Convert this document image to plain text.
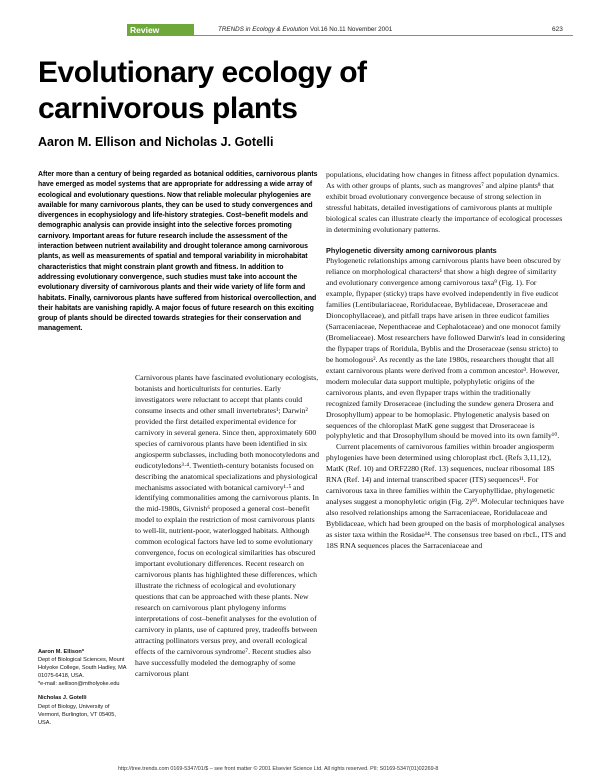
Review	TRENDS in Ecology & Evolution Vol.16 No.11 November 2001	623
Evolutionary ecology of carnivorous plants
Aaron M. Ellison and Nicholas J. Gotelli
After more than a century of being regarded as botanical oddities, carnivorous plants have emerged as model systems that are appropriate for addressing a wide array of ecological and evolutionary questions. Now that reliable molecular phylogenies are available for many carnivorous plants, they can be used to study convergences and divergences in ecophysiology and life-history strategies. Cost–benefit models and demographic analysis can provide insight into the selective forces promoting carnivory. Important areas for future research include the assessment of the interaction between nutrient availability and drought tolerance among carnivorous plants, as well as measurements of spatial and temporal variability in microhabitat characteristics that might constrain plant growth and fitness. In addition to addressing evolutionary convergence, such studies must take into account the evolutionary diversity of carnivorous plants and their wide variety of life form and habitats. Finally, carnivorous plants have suffered from historical overcollection, and their habitats are vanishing rapidly. A major focus of future research on this exciting group of plants should be directed towards strategies for their conservation and management.
Carnivorous plants have fascinated evolutionary ecologists, botanists and horticulturists for centuries. Early investigators were reluctant to accept that plants could consume insects and other small invertebrates¹; Darwin² provided the first detailed experimental evidence for carnivory in several genera. Since then, approximately 600 species of carnivorous plants have been identified in six angiosperm subclasses, including both monocotyledons and eudicotyledons³·⁴. Twentieth-century botanists focused on describing the anatomical specializations and physiological mechanisms associated with botanical carnivory¹·⁵ and identifying commonalities among the carnivorous plants. In the mid-1980s, Givnish⁶ proposed a general cost–benefit model to explain the restriction of most carnivorous plants to well-lit, nutrient-poor, waterlogged habitats. Although common ecological factors have led to some evolutionary convergence, focus on ecological similarities has obscured important evolutionary differences. Recent research on carnivorous plants has highlighted these differences, which illustrate the richness of ecological and evolutionary questions that can be approached with these plants. New research on carnivorous plant phylogeny informs interpretations of cost–benefit analyses for the evolution of carnivory in plants, use of captured prey, tradeoffs between attracting pollinators versus prey, and overall ecological effects of the carnivorous syndrome⁷. Recent studies also have successfully modeled the demography of some carnivorous plant
populations, elucidating how changes in fitness affect population dynamics. As with other groups of plants, such as mangroves⁷ and alpine plants⁸ that exhibit broad evolutionary convergence because of strong selection in stressful habitats, detailed investigations of carnivorous plants at multiple biological scales can illustrate clearly the importance of ecological processes in determining evolutionary patterns.
Phylogenetic diversity among carnivorous plants
Phylogenetic relationships among carnivorous plants have been obscured by reliance on morphological characters¹ that show a high degree of similarity and evolutionary convergence among carnivorous taxa⁹ (Fig. 1). For example, flypaper (sticky) traps have evolved independently in five eudicot families (Lentibulariaceae, Roridulaceae, Byblidaceae, Droseraceae and Dioncophyllaceae), and pitfall traps have arisen in three eudicot families (Sarraceniaceae, Nepenthaceae and Cephalotaceae) and one monocot family (Bromeliaceae). Most researchers have followed Darwin's lead in considering the flypaper traps of Roridula, Byblis and the Droseraceae (sensu stricto) to be homologous². As recently as the late 1980s, researchers thought that all extant carnivorous plants were derived from a common ancestor³. However, modern molecular data support multiple, polyphyletic origins of the carnivorous plants, and even flypaper traps within the traditionally recognized family Droseraceae (including the sundew genera Drosera and Drosophyllum) appear to be homoplasic. Phylogenetic analysis based on sequences of the chloroplast MatK gene suggest that Droseraceae is polyphyletic and that Drosophyllum should be moved into its own family¹⁰.
Current placements of carnivorous families within broader angiosperm phylogenies have been determined using chloroplast rbcL (Refs 3,11,12), MatK (Ref. 10) and ORF2280 (Ref. 13) sequences, nuclear ribosomal 18S RNA (Ref. 14) and internal transcribed spacer (ITS) sequences¹¹. For carnivorous taxa in three families within the Caryophyllidae, phylogenetic analyses suggest a monophyletic origin (Fig. 2)¹⁰. Molecular techniques have also resolved relationships among the Sarraceniaceae, Roridulaceae and Byblidaceae, which had been grouped on the basis of morphological analyses as sister taxa within the Rosidae¹⁴. The consensus tree based on rbcL, ITS and 18S RNA sequences places the Sarraceniaceae and
Aaron M. Ellison*
Dept of Biological Sciences, Mount Holyoke College, South Hadley, MA 01075-6418, USA.
*e-mail: aellison@mtholyoke.edu
Nicholas J. Gotelli
Dept of Biology, University of Vermont, Burlington, VT 05405, USA.
http://tree.trends.com 0169-5347/01/$ – see front matter © 2001 Elsevier Science Ltd. All rights reserved. PII: S0169-5347(01)02269-8
